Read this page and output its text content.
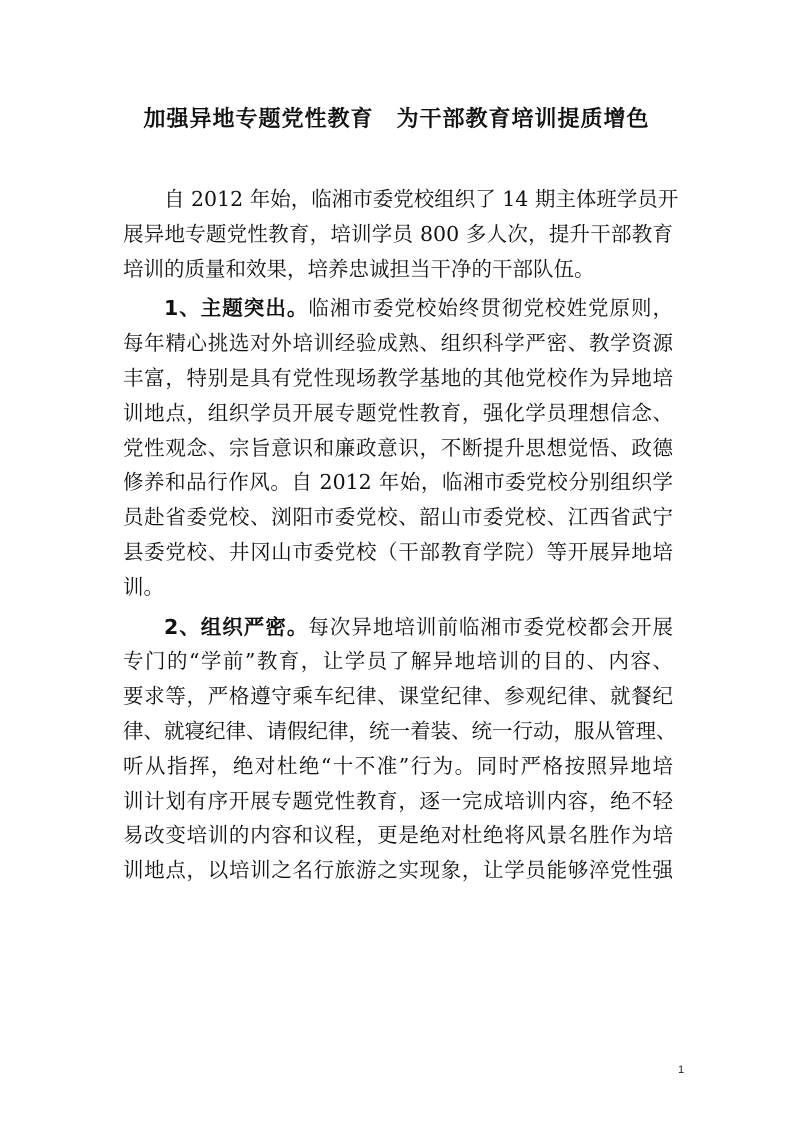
加强异地专题党性教育　为干部教育培训提质增色
自 2012 年始，临湘市委党校组织了 14 期主体班学员开
展异地专题党性教育，培训学员 800 多人次，提升干部教育
培训的质量和效果，培养忠诚担当干净的干部队伍。
1、主题突出。临湘市委党校始终贯彻党校姓党原则，
每年精心挑选对外培训经验成熟、组织科学严密、教学资源
丰富，特别是具有党性现场教学基地的其他党校作为异地培
训地点，组织学员开展专题党性教育，强化学员理想信念、
党性观念、宗旨意识和廉政意识，不断提升思想觉悟、政德
修养和品行作风。自 2012 年始，临湘市委党校分别组织学
员赴省委党校、浏阳市委党校、韶山市委党校、江西省武宁
县委党校、井冈山市委党校（干部教育学院）等开展异地培
训。
2、组织严密。每次异地培训前临湘市委党校都会开展
专门的“学前”教育，让学员了解异地培训的目的、内容、
要求等，严格遵守乘车纪律、课堂纪律、参观纪律、就餐纪
律、就寝纪律、请假纪律，统一着装、统一行动，服从管理、
听从指挥，绝对杜绝“十不准”行为。同时严格按照异地培
训计划有序开展专题党性教育，逐一完成培训内容，绝不轻
易改变培训的内容和议程，更是绝对杜绝将风景名胜作为培
训地点，以培训之名行旅游之实现象，让学员能够淬党性强
1
